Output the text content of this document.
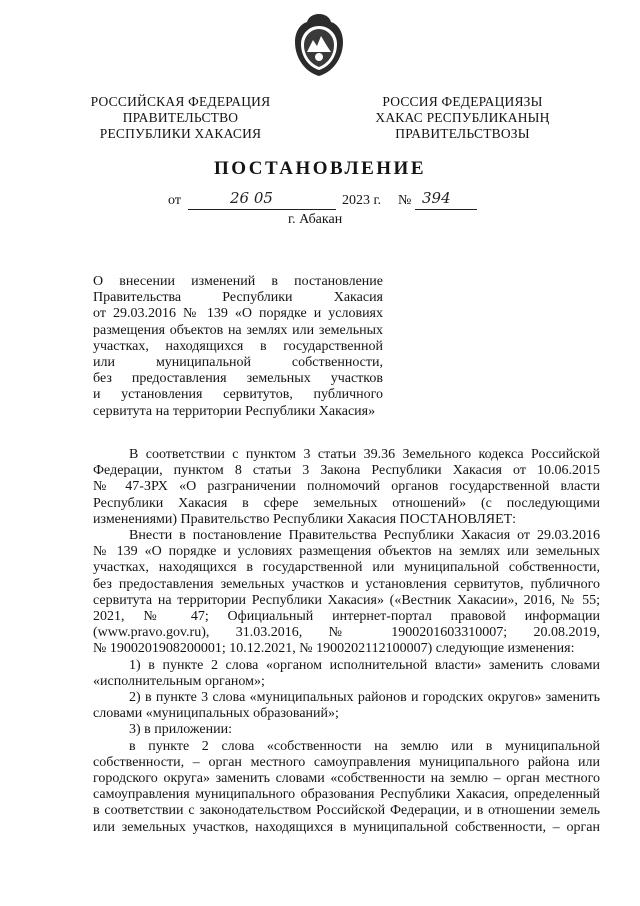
РОССИЙСКАЯ ФЕДЕРАЦИЯ
ПРАВИТЕЛЬСТВО
РЕСПУБЛИКИ ХАКАСИЯ
РОССИЯ ФЕДЕРАЦИЯЗЫ
ХАКАС РЕСПУБЛИКАНЫҢ
ПРАВИТЕЛЬСТВОЗЫ
ПОСТАНОВЛЕНИЕ
от	26 05	2023 г. № 394
г. Абакан
О внесении изменений в постановление
Правительства Республики Хакасия
от 29.03.2016 № 139 «О порядке и условиях
размещения объектов на землях или земельных
участках, находящихся в государственной
или муниципальной собственности,
без предоставления земельных участков
и установления сервитутов, публичного
сервитута на территории Республики Хакасия»
В соответствии с пунктом 3 статьи 39.36 Земельного кодекса Российской
Федерации, пунктом 8 статьи 3 Закона Республики Хакасия от 10.06.2015
№ 47-ЗРХ «О разграничении полномочий органов государственной власти
Республики Хакасия в сфере земельных отношений» (с последующими
изменениями) Правительство Республики Хакасия ПОСТАНОВЛЯЕТ:
Внести в постановление Правительства Республики Хакасия от 29.03.2016
№ 139 «О порядке и условиях размещения объектов на землях или земельных
участках, находящихся в государственной или муниципальной собственности,
без предоставления земельных участков и установления сервитутов, публичного
сервитута на территории Республики Хакасия» («Вестник Хакасии», 2016, № 55;
2021, № 47; Официальный интернет-портал правовой информации
(www.pravo.gov.ru), 31.03.2016, № 1900201603310007; 20.08.2019,
№ 1900201908200001; 10.12.2021, № 1900202112100007) следующие изменения:
1) в пункте 2 слова «органом исполнительной власти» заменить словами
«исполнительным органом»;
2) в пункте 3 слова «муниципальных районов и городских округов» заменить
словами «муниципальных образований»;
3) в приложении:
в пункте 2 слова «собственности на землю или в муниципальной
собственности, – орган местного самоуправления муниципального района или
городского округа» заменить словами «собственности на землю – орган местного
самоуправления муниципального образования Республики Хакасия, определенный
в соответствии с законодательством Российской Федерации, и в отношении земель
или земельных участков, находящихся в муниципальной собственности, – орган
